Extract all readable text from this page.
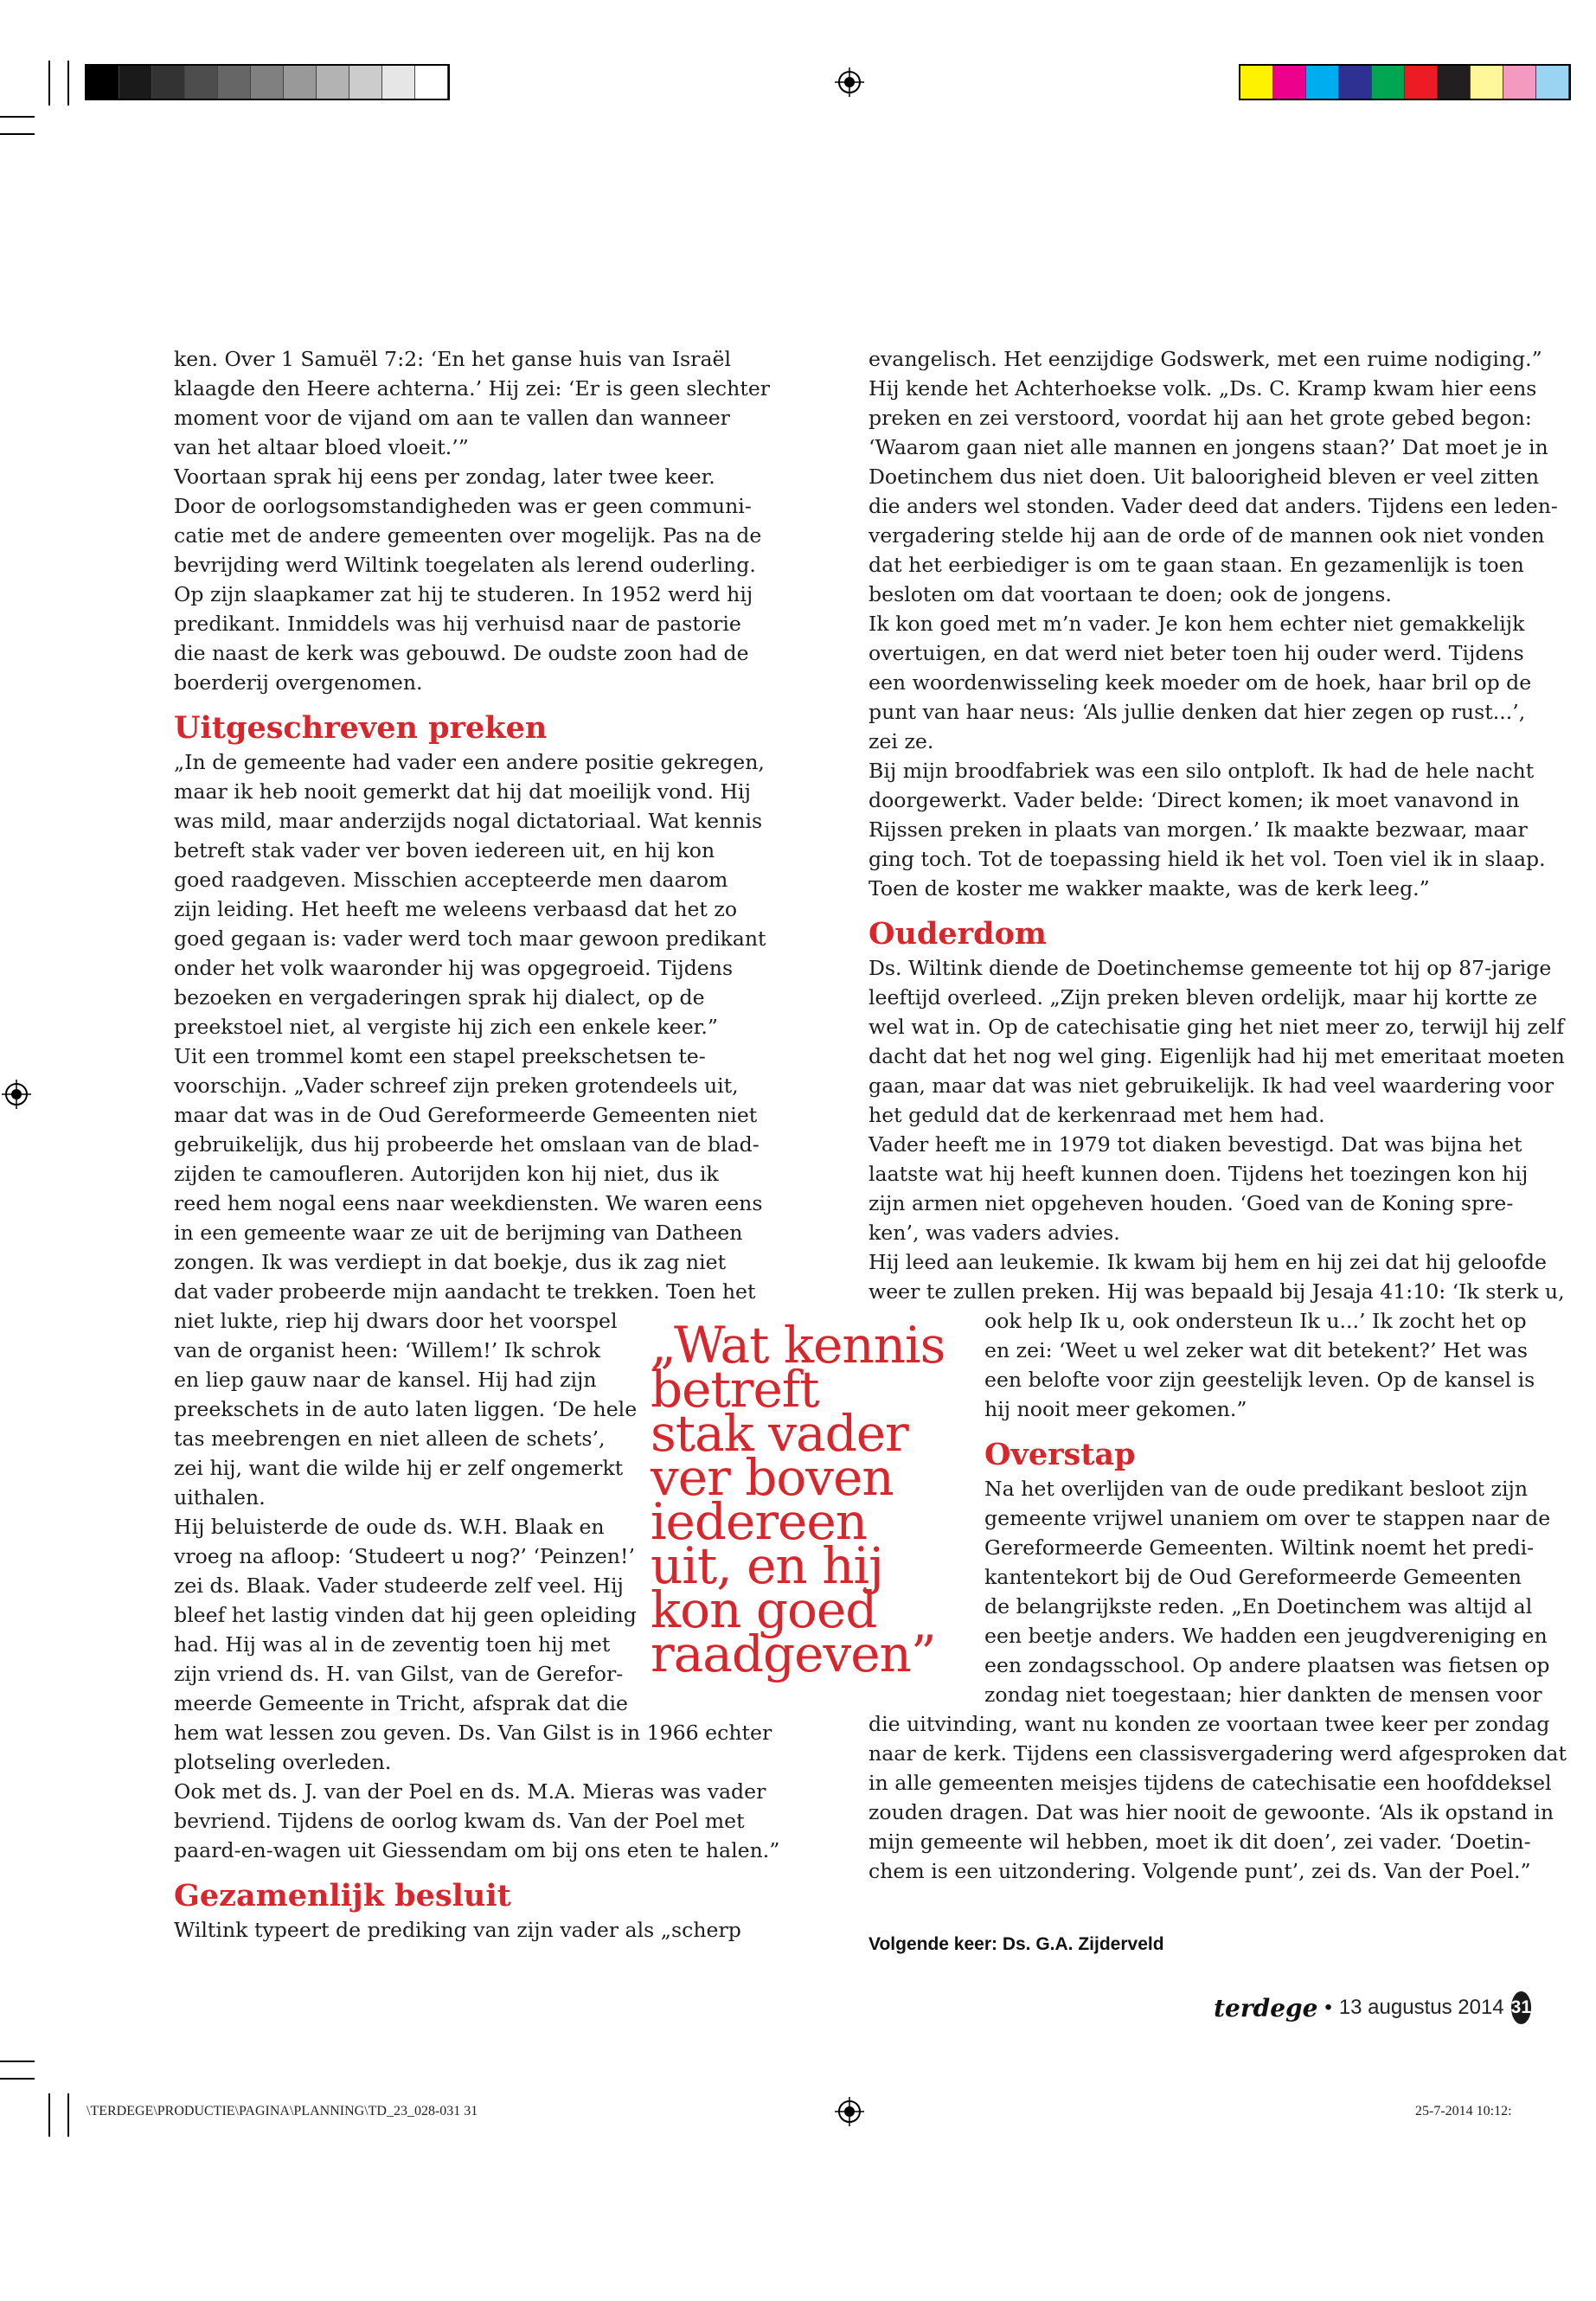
ken. Over 1 Samuël 7:2: ‘En het ganse huis van Israël

klaagde den Heere achterna.’ Hij zei: ‘Er is geen slechter

moment voor de vijand om aan te vallen dan wanneer

van het altaar bloed vloeit.’”

Voortaan sprak hij eens per zondag, later twee keer.

Door de oorlogsomstandigheden was er geen communi-

catie met de andere gemeenten over mogelijk. Pas na de

bevrijding werd Wiltink toegelaten als lerend ouderling.

Op zijn slaapkamer zat hij te studeren. In 1952 werd hij

predikant. Inmiddels was hij verhuisd naar de pastorie

die naast de kerk was gebouwd. De oudste zoon had de

boerderij overgenomen.

Uitgeschreven preken

„In de gemeente had vader een andere positie gekregen,

maar ik heb nooit gemerkt dat hij dat moeilijk vond. Hij

was mild, maar anderzijds nogal dictatoriaal. Wat kennis

betreft stak vader ver boven iedereen uit, en hij kon

goed raadgeven. Misschien accepteerde men daarom

zijn leiding. Het heeft me weleens verbaasd dat het zo

goed gegaan is: vader werd toch maar gewoon predikant

onder het volk waaronder hij was opgegroeid. Tijdens

bezoeken en vergaderingen sprak hij dialect, op de

preekstoel niet, al vergiste hij zich een enkele keer.”

Uit een trommel komt een stapel preekschetsen te-

voorschijn. „Vader schreef zijn preken grotendeels uit,

maar dat was in de Oud Gereformeerde Gemeenten niet

gebruikelijk, dus hij probeerde het omslaan van de blad-

zijden te camoufleren. Autorijden kon hij niet, dus ik

reed hem nogal eens naar weekdiensten. We waren eens

in een gemeente waar ze uit de berijming van Datheen

zongen. Ik was verdiept in dat boekje, dus ik zag niet

dat vader probeerde mijn aandacht te trekken. Toen het

niet lukte, riep hij dwars door het voorspel

van de organist heen: ‘Willem!’ Ik schrok

en liep gauw naar de kansel. Hij had zijn

preekschets in de auto laten liggen. ‘De hele

tas meebrengen en niet alleen de schets’,

zei hij, want die wilde hij er zelf ongemerkt

uithalen.

Hij beluisterde de oude ds. W.H. Blaak en

vroeg na afloop: ‘Studeert u nog?’ ‘Peinzen!’

zei ds. Blaak. Vader studeerde zelf veel. Hij

bleef het lastig vinden dat hij geen opleiding

had. Hij was al in de zeventig toen hij met

zijn vriend ds. H. van Gilst, van de Gerefor-

meerde Gemeente in Tricht, afsprak dat die

hem wat lessen zou geven. Ds. Van Gilst is in 1966 echter

plotseling overleden.

Ook met ds. J. van der Poel en ds. M.A. Mieras was vader

bevriend. Tijdens de oorlog kwam ds. Van der Poel met

paard-en-wagen uit Giessendam om bij ons eten te halen.”

Gezamenlijk besluit

Wiltink typeert de prediking van zijn vader als „scherp

„Wat kennis
betreft
stak vader
ver boven
iedereen
uit, en hij
kon goed
raadgeven”

evangelisch. Het eenzijdige Godswerk, met een ruime nodiging.”

Hij kende het Achterhoekse volk. „Ds. C. Kramp kwam hier eens

preken en zei verstoord, voordat hij aan het grote gebed begon:

‘Waarom gaan niet alle mannen en jongens staan?’ Dat moet je in

Doetinchem dus niet doen. Uit baloorigheid bleven er veel zitten

die anders wel stonden. Vader deed dat anders. Tijdens een leden-

vergadering stelde hij aan de orde of de mannen ook niet vonden

dat het eerbiediger is om te gaan staan. En gezamenlijk is toen

besloten om dat voortaan te doen; ook de jongens.

Ik kon goed met m’n vader. Je kon hem echter niet gemakkelijk

overtuigen, en dat werd niet beter toen hij ouder werd. Tijdens

een woordenwisseling keek moeder om de hoek, haar bril op de

punt van haar neus: ‘Als jullie denken dat hier zegen op rust...’,

zei ze.

Bij mijn broodfabriek was een silo ontploft. Ik had de hele nacht

doorgewerkt. Vader belde: ‘Direct komen; ik moet vanavond in

Rijssen preken in plaats van morgen.’ Ik maakte bezwaar, maar

ging toch. Tot de toepassing hield ik het vol. Toen viel ik in slaap.

Toen de koster me wakker maakte, was de kerk leeg.”

Ouderdom

Ds. Wiltink diende de Doetinchemse gemeente tot hij op 87-jarige

leeftijd overleed. „Zijn preken bleven ordelijk, maar hij kortte ze

wel wat in. Op de catechisatie ging het niet meer zo, terwijl hij zelf

dacht dat het nog wel ging. Eigenlijk had hij met emeritaat moeten

gaan, maar dat was niet gebruikelijk. Ik had veel waardering voor

het geduld dat de kerkenraad met hem had.

Vader heeft me in 1979 tot diaken bevestigd. Dat was bijna het

laatste wat hij heeft kunnen doen. Tijdens het toezingen kon hij

zijn armen niet opgeheven houden. ‘Goed van de Koning spre-

ken’, was vaders advies.

Hij leed aan leukemie. Ik kwam bij hem en hij zei dat hij geloofde

weer te zullen preken. Hij was bepaald bij Jesaja 41:10: ‘Ik sterk u,

ook help Ik u, ook ondersteun Ik u...’ Ik zocht het op

en zei: ‘Weet u wel zeker wat dit betekent?’ Het was

een belofte voor zijn geestelijk leven. Op de kansel is

hij nooit meer gekomen.”

Overstap

Na het overlijden van de oude predikant besloot zijn

gemeente vrijwel unaniem om over te stappen naar de

Gereformeerde Gemeenten. Wiltink noemt het predi-

kantentekort bij de Oud Gereformeerde Gemeenten

de belangrijkste reden. „En Doetinchem was altijd al

een beetje anders. We hadden een jeugdvereniging en

een zondagsschool. Op andere plaatsen was fietsen op

zondag niet toegestaan; hier dankten de mensen voor

die uitvinding, want nu konden ze voortaan twee keer per zondag

naar de kerk. Tijdens een classisvergadering werd afgesproken dat

in alle gemeenten meisjes tijdens de catechisatie een hoofddeksel

zouden dragen. Dat was hier nooit de gewoonte. ‘Als ik opstand in

mijn gemeente wil hebben, moet ik dit doen’, zei vader. ‘Doetin-

chem is een uitzondering. Volgende punt’, zei ds. Van der Poel.”

Volgende keer: Ds. G.A. Zijderveld
terdege • 13 augustus 2014 31
\TERDEGE\PRODUCTIE\PAGINA\PLANNING\TD_23_028-031 31	25-7-2014 10:12:
